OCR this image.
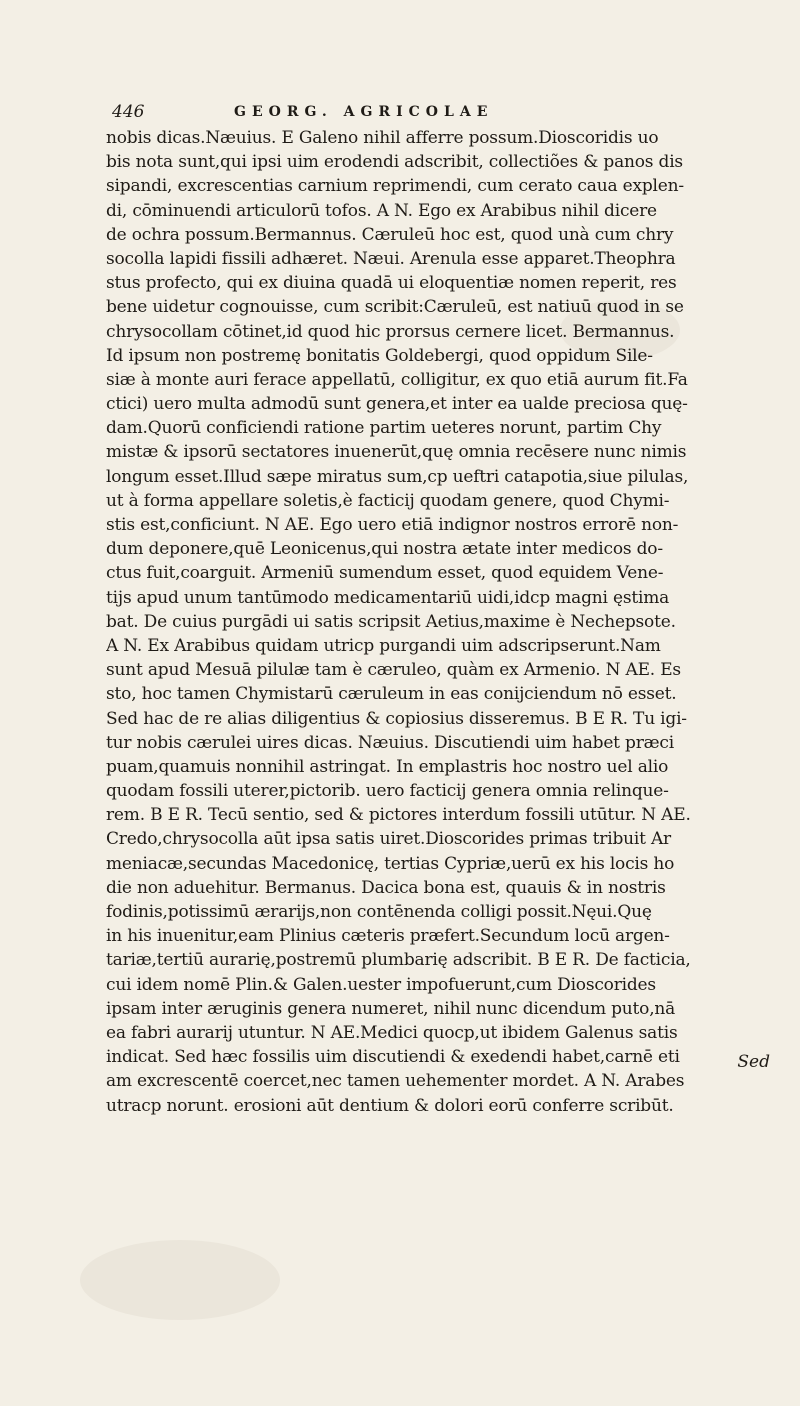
446	GEORG. AGRICOLAE
nobis dicas.Næuius. E Galeno nihil afferre possum.Dioscoridis uo
bis nota sunt,qui ipsi uim erodendi adscribit, collectiões & panos dis
sipandi, excrescentias carnium reprimendi, cum cerato caua explen-
di, cōminuendi articulorū tofos. A N. Ego ex Arabibus nihil dicere
de ochra possum.Bermannus. Cæruleū hoc est, quod unà cum chry
socolla lapidi fissili adhæret. Næui. Arenula esse apparet.Theophra
stus profecto, qui ex diuina quadā ui eloquentiæ nomen reperit, res
bene uidetur cognouisse, cum scribit:Cæruleū, est natiuū quod in se
chrysocollam cōtinet,id quod hic prorsus cernere licet. Bermannus.
Id ipsum non postremę bonitatis Goldebergi, quod oppidum Sile-
siæ à monte auri ferace appellatū, colligitur, ex quo etiā aurum fit.Fa
ctici) uero multa admodū sunt genera,et inter ea ualde preciosa quę-
dam.Quorū conficiendi ratione partim ueteres norunt, partim Chy
mistæ & ipsorū sectatores inuenerūt,quę omnia recēsere nunc nimis
longum esset.Illud sæpe miratus sum,cp ueftri catapotia,siue pilulas,
ut à forma appellare soletis,è facticij quodam genere, quod Chymi-
stis est,conficiunt. N AE. Ego uero etiā indignor nostros errorē non-
dum deponere,quē Leonicenus,qui nostra ætate inter medicos do-
ctus fuit,coarguit. Armeniū sumendum esset, quod equidem Vene-
tijs apud unum tantūmodo medicamentariū uidi,idcp magni ęstima
bat. De cuius purgādi ui satis scripsit Aetius,maxime è Nechepsote.
A N. Ex Arabibus quidam utricp purgandi uim adscripserunt.Nam
sunt apud Mesuā pilulæ tam è cæruleo, quàm ex Armenio. N AE. Es
sto, hoc tamen Chymistarū cæruleum in eas conijciendum nō esset.
Sed hac de re alias diligentius & copiosius disseremus. B E R. Tu igi-
tur nobis cærulei uires dicas. Næuius. Discutiendi uim habet præci
puam,quamuis nonnihil astringat. In emplastris hoc nostro uel alio
quodam fossili uterer,pictorib. uero facticij genera omnia relinque-
rem. B E R. Tecū sentio, sed & pictores interdum fossili utūtur. N AE.
Credo,chrysocolla aūt ipsa satis uiret.Dioscorides primas tribuit Ar
meniacæ,secundas Macedonicę, tertias Cypriæ,uerū ex his locis ho
die non aduehitur. Bermanus. Dacica bona est, quauis & in nostris
fodinis,potissimū ærarijs,non contēnenda colligi possit.Nęui.Quę
in his inuenitur,eam Plinius cæteris præfert.Secundum locū argen-
tariæ,tertiū aurarię,postremū plumbarię adscribit. B E R. De facticia,
cui idem nomē Plin.& Galen.uester impofuerunt,cum Dioscorides
ipsam inter æruginis genera numeret, nihil nunc dicendum puto,nā
ea fabri aurarij utuntur. N AE.Medici quocp,ut ibidem Galenus satis
indicat. Sed hæc fossilis uim discutiendi & exedendi habet,carnē eti
am excrescentē coercet,nec tamen uehementer mordet. A N. Arabes
utracp norunt. erosioni aūt dentium & dolori eorū conferre scribūt.
Sed
